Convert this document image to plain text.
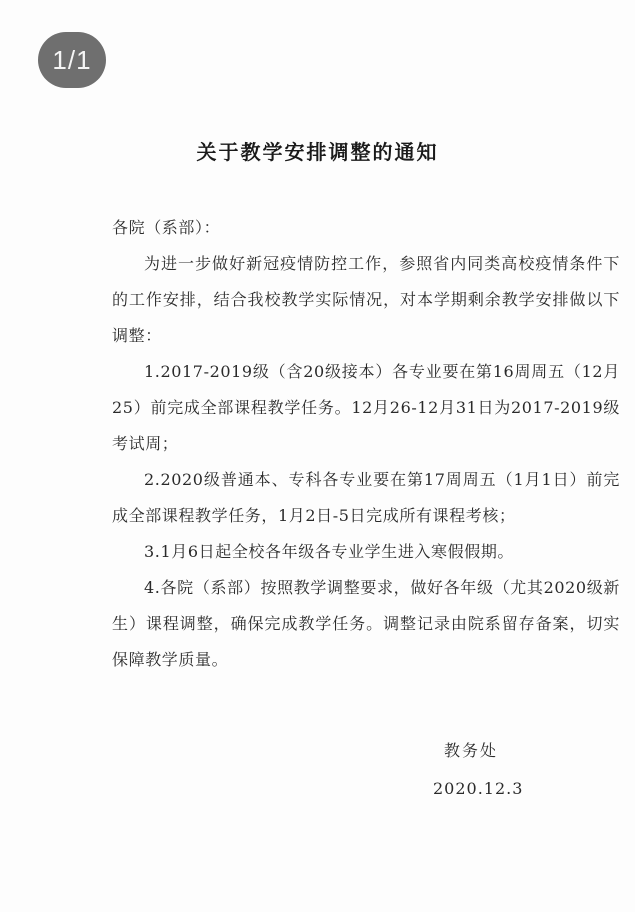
1/1
关于教学安排调整的通知

各院（系部）：

为进一步做好新冠疫情防控工作，参照省内同类高校疫情条件下的工作安排，结合我校教学实际情况，对本学期剩余教学安排做以下调整：

1.2017-2019级（含20级接本）各专业要在第16周周五（12月25）前完成全部课程教学任务。12月26-12月31日为2017-2019级考试周；

2.2020级普通本、专科各专业要在第17周周五（1月1日）前完成全部课程教学任务，1月2日-5日完成所有课程考核；

3.1月6日起全校各年级各专业学生进入寒假假期。

4.各院（系部）按照教学调整要求，做好各年级（尤其2020级新生）课程调整，确保完成教学任务。调整记录由院系留存备案，切实保障教学质量。

教务处
2020.12.3
